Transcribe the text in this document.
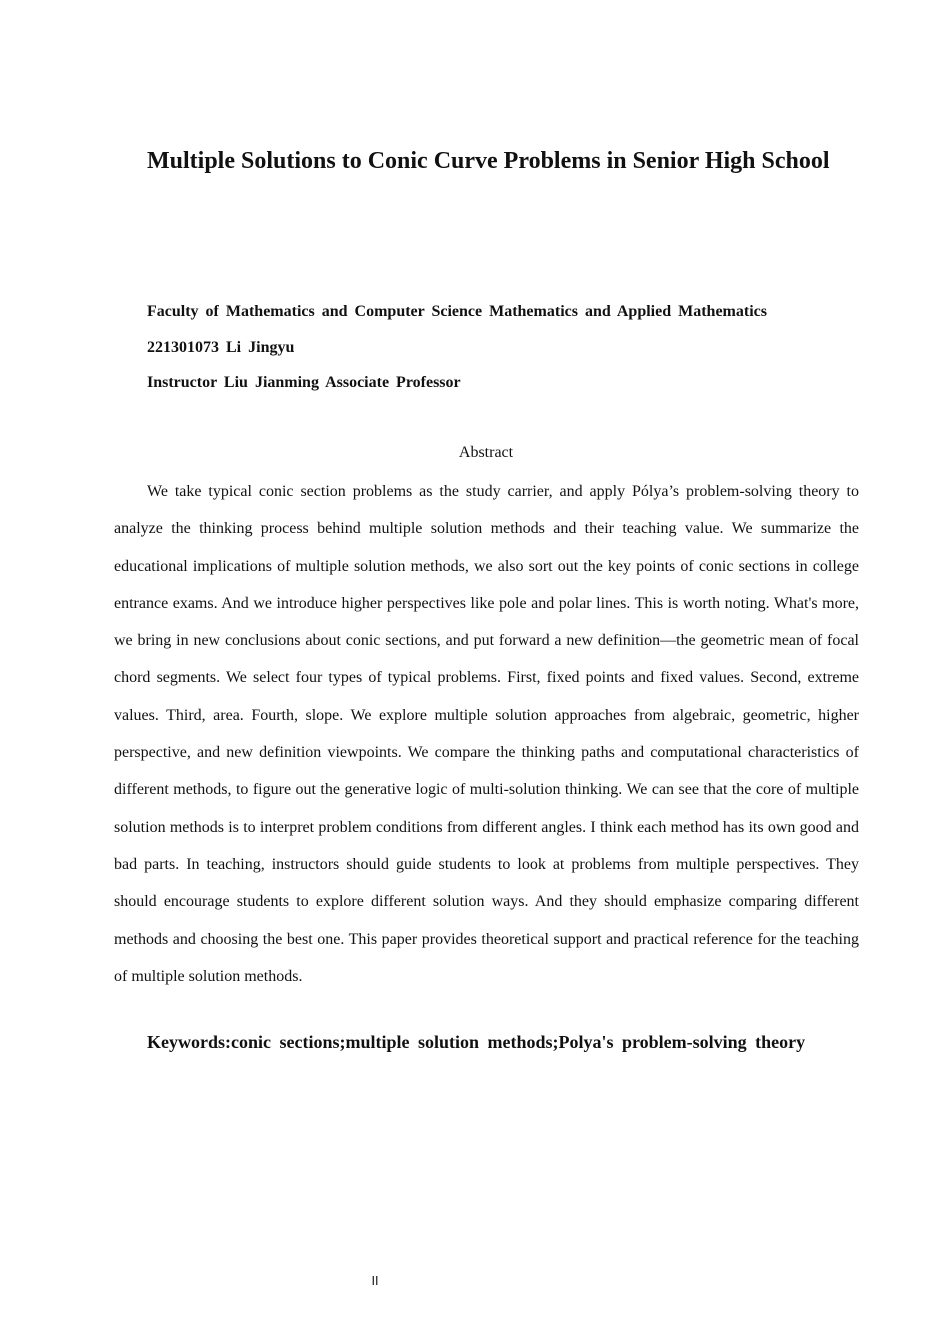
Multiple Solutions to Conic Curve Problems in Senior High School
Faculty of Mathematics and Computer Science Mathematics and Applied Mathematics
221301073 Li Jingyu
Instructor Liu Jianming Associate Professor
Abstract

We take typical conic section problems as the study carrier, and apply Pólya’s problem-solving theory to analyze the thinking process behind multiple solution methods and their teaching value. We summarize the educational implications of multiple solution methods, we also sort out the key points of conic sections in college entrance exams. And we introduce higher perspectives like pole and polar lines. This is worth noting. What's more, we bring in new conclusions about conic sections, and put forward a new definition—the geometric mean of focal chord segments. We select four types of typical problems. First, fixed points and fixed values. Second, extreme values. Third, area. Fourth, slope. We explore multiple solution approaches from algebraic, geometric, higher perspective, and new definition viewpoints. We compare the thinking paths and computational characteristics of different methods, to figure out the generative logic of multi-solution thinking. We can see that the core of multiple solution methods is to interpret problem conditions from different angles. I think each method has its own good and bad parts. In teaching, instructors should guide students to look at problems from multiple perspectives. They should encourage students to explore different solution ways. And they should emphasize comparing different methods and choosing the best one. This paper provides theoretical support and practical reference for the teaching of multiple solution methods.

Keywords:conic sections;multiple solution methods;Polya's problem-solving theory
II
